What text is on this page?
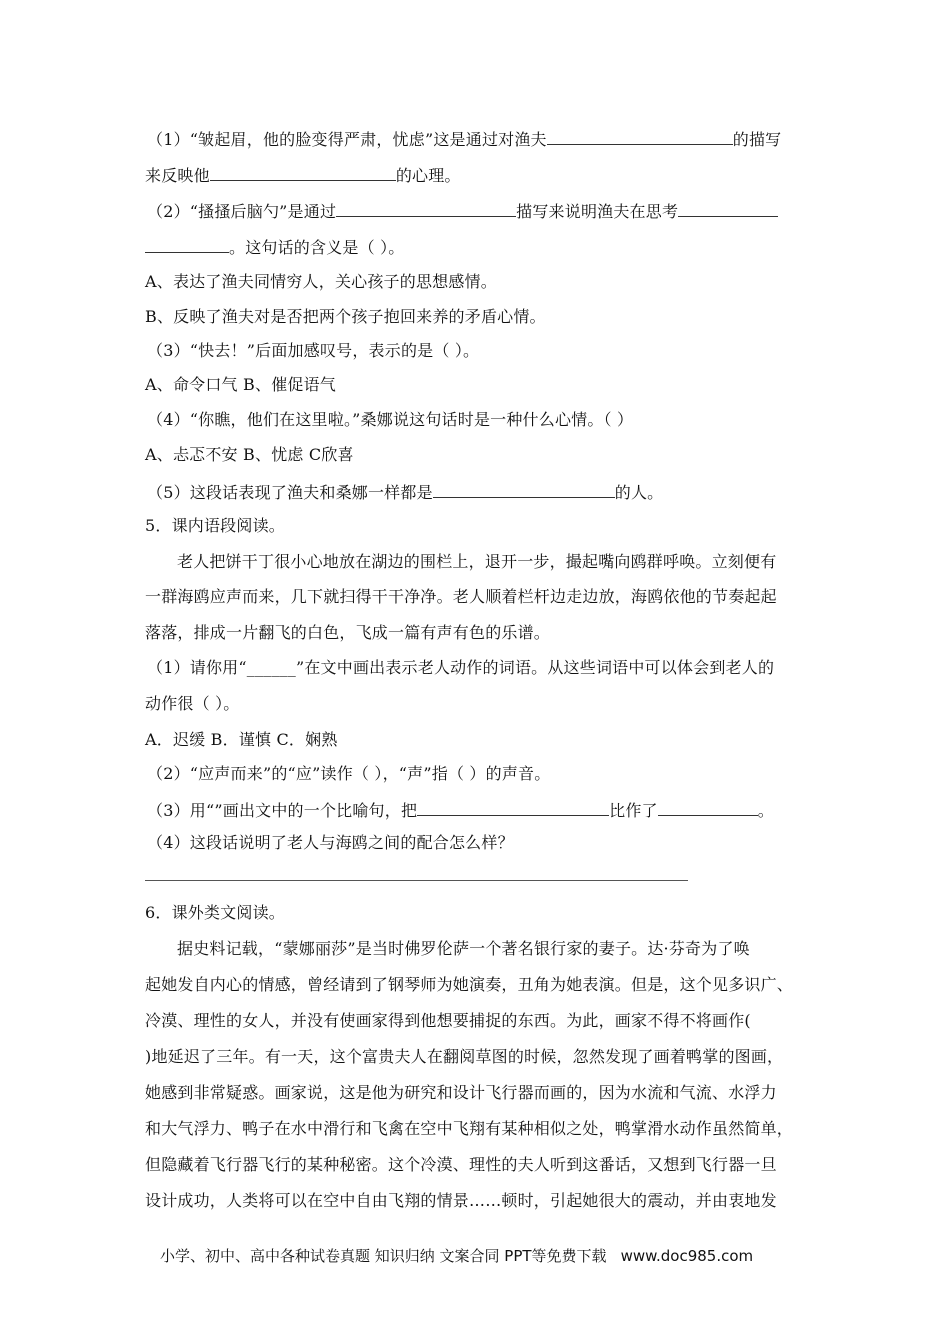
（1）“皱起眉，他的脸变得严肃，忧虑”这是通过对渔夫	的描写
来反映他	的心理。
（2）“搔搔后脑勺”是通过	描写来说明渔夫在思考
。这句话的含义是（ ）。
A、表达了渔夫同情穷人，关心孩子的思想感情。
B、反映了渔夫对是否把两个孩子抱回来养的矛盾心情。
（3）“快去！”后面加感叹号，表示的是（ ）。
A、命令口气 B、催促语气
（4）“你瞧，他们在这里啦。”桑娜说这句话时是一种什么心情。（ ）
A、忐忑不安 B、忧虑 C欣喜
（5）这段话表现了渔夫和桑娜一样都是	的人。
5．课内语段阅读。
老人把饼干丁很小心地放在湖边的围栏上，退开一步，撮起嘴向鸥群呼唤。立刻便有
一群海鸥应声而来，几下就扫得干干净净。老人顺着栏杆边走边放，海鸥依他的节奏起起
落落，排成一片翻飞的白色，飞成一篇有声有色的乐谱。
（1）请你用“______”在文中画出表示老人动作的词语。从这些词语中可以体会到老人的
动作很（ ）。
A．迟缓 B．谨慎 C．娴熟
（2）“应声而来”的“应”读作（ ），“声”指（ ）的声音。
（3）用“”画出文中的一个比喻句，把	比作了	。
（4）这段话说明了老人与海鸥之间的配合怎么样？
6．课外类文阅读。
据史料记载，“蒙娜丽莎”是当时佛罗伦萨一个著名银行家的妻子。达·芬奇为了唤
起她发自内心的情感，曾经请到了钢琴师为她演奏，丑角为她表演。但是，这个见多识广、
冷漠、理性的女人，并没有使画家得到他想要捕捉的东西。为此，画家不得不将画作(
)地延迟了三年。有一天，这个富贵夫人在翻阅草图的时候，忽然发现了画着鸭掌的图画，
她感到非常疑惑。画家说，这是他为研究和设计飞行器而画的，因为水流和气流、水浮力
和大气浮力、鸭子在水中滑行和飞禽在空中飞翔有某种相似之处，鸭掌滑水动作虽然简单，
但隐藏着飞行器飞行的某种秘密。这个冷漠、理性的夫人听到这番话，又想到飞行器一旦
设计成功，人类将可以在空中自由飞翔的情景……顿时，引起她很大的震动，并由衷地发
小学、初中、高中各种试卷真题 知识归纳 文案合同 PPT等免费下载 www.doc985.com
